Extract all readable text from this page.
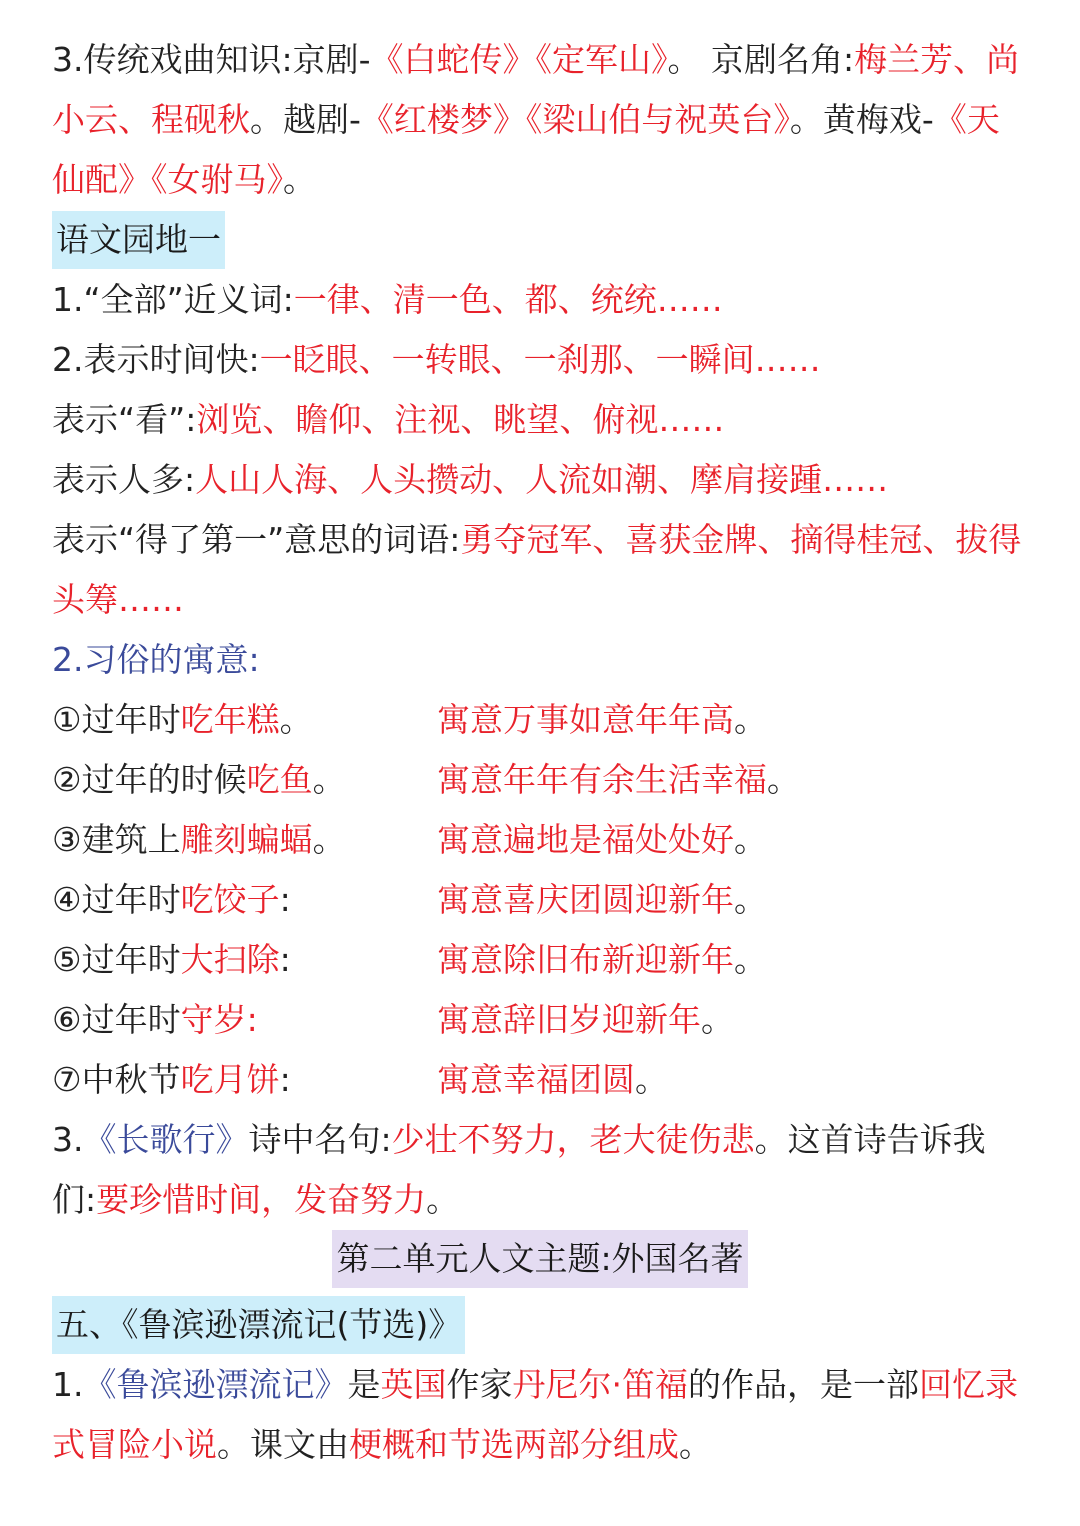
3.传统戏曲知识:京剧-《白蛇传》《定军山》。 京剧名角:梅兰芳、尚小云、程砚秋。越剧-《红楼梦》《梁山伯与祝英台》。黄梅戏-《天仙配》《女驸马》。
语文园地一
1.“全部”近义词:一律、清一色、都、统统……
2.表示时间快:一眨眼、一转眼、一刹那、一瞬间……
表示“看”:浏览、瞻仰、注视、眺望、俯视……
表示人多:人山人海、人头攒动、人流如潮、摩肩接踵……
表示“得了第一”意思的词语:勇夺冠军、喜获金牌、摘得桂冠、拔得头筹……
2.习俗的寓意:
①过年时吃年糕。	寓意万事如意年年高。
②过年的时候吃鱼。	寓意年年有余生活幸福。
③建筑上雕刻蝙蝠。	寓意遍地是福处处好。
④过年时吃饺子:	寓意喜庆团圆迎新年。
⑤过年时大扫除:	寓意除旧布新迎新年。
⑥过年时守岁:	寓意辞旧岁迎新年。
⑦中秋节吃月饼:	寓意幸福团圆。
3.《长歌行》诗中名句:少壮不努力，老大徒伤悲。这首诗告诉我们:要珍惜时间，发奋努力。
第二单元人文主题:外国名著
五、《鲁滨逊漂流记(节选)》
1.《鲁滨逊漂流记》是英国作家丹尼尔·笛福的作品，是一部回忆录式冒险小说。课文由梗概和节选两部分组成。
